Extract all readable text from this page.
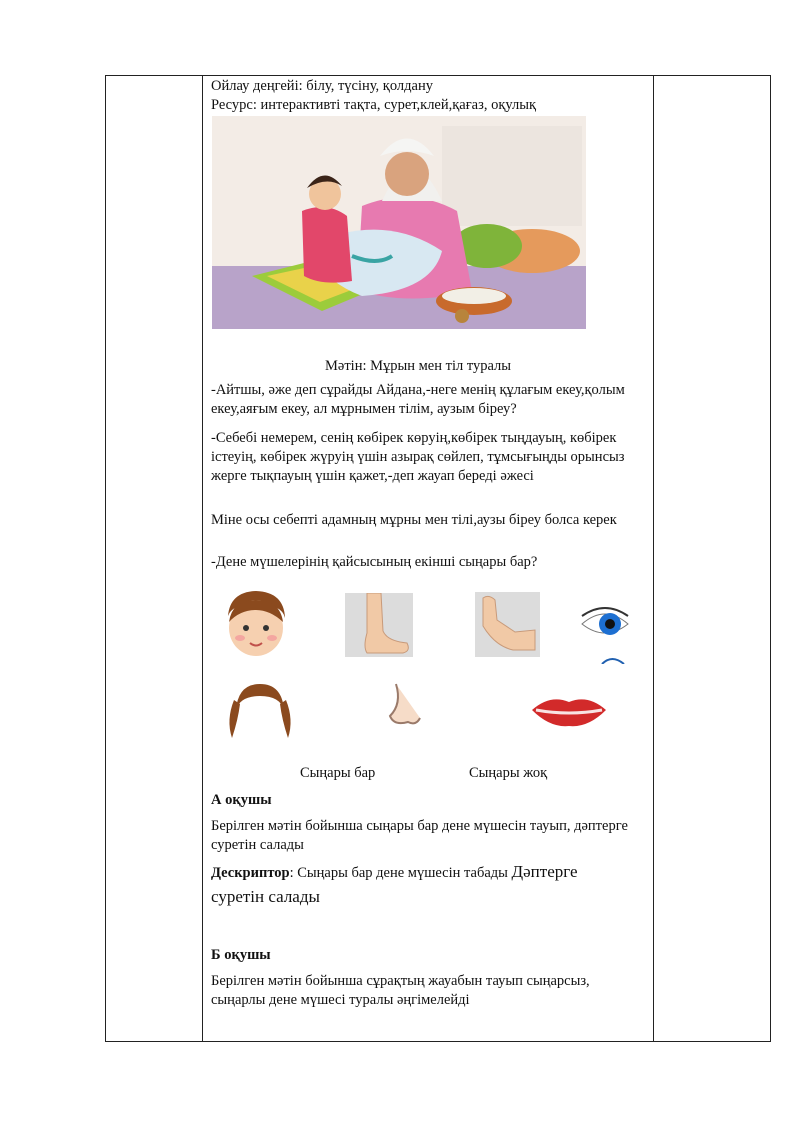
Ойлау деңгейі: білу, түсіну, қолдану
Ресурс: интерактивті тақта, сурет,клей,қағаз, оқулық
Мәтін: Мұрын мен тіл туралы
-Айтшы, әже деп сұрайды Айдана,-неге менің құлағым екеу,қолым екеу,аяғым екеу, ал мұрнымен тілім, аузым біреу?
-Себебі немерем, сенің көбірек көруің,көбірек тыңдауың, көбірек істеуің, көбірек жүруің үшін азырақ сөйлеп, тұмсығыңды орынсыз жерге тықпауың үшін қажет,-деп жауап береді әжесі
Міне осы себепті адамның мұрны мен тілі,аузы біреу болса керек
-Дене мүшелерінің қайсысының екінші сыңары бар?
Сыңары бар	Сыңары жоқ
А оқушы
Берілген мәтін бойынша сыңары бар дене мүшесін тауып, дәптерге суретін салады
Дескриптор: Сыңары бар дене мүшесін табады Дәптерге
суретін салады
Б оқушы
Берілген мәтін бойынша сұрақтың жауабын тауып сыңарсыз, сыңарлы дене мүшесі туралы әңгімелейді
